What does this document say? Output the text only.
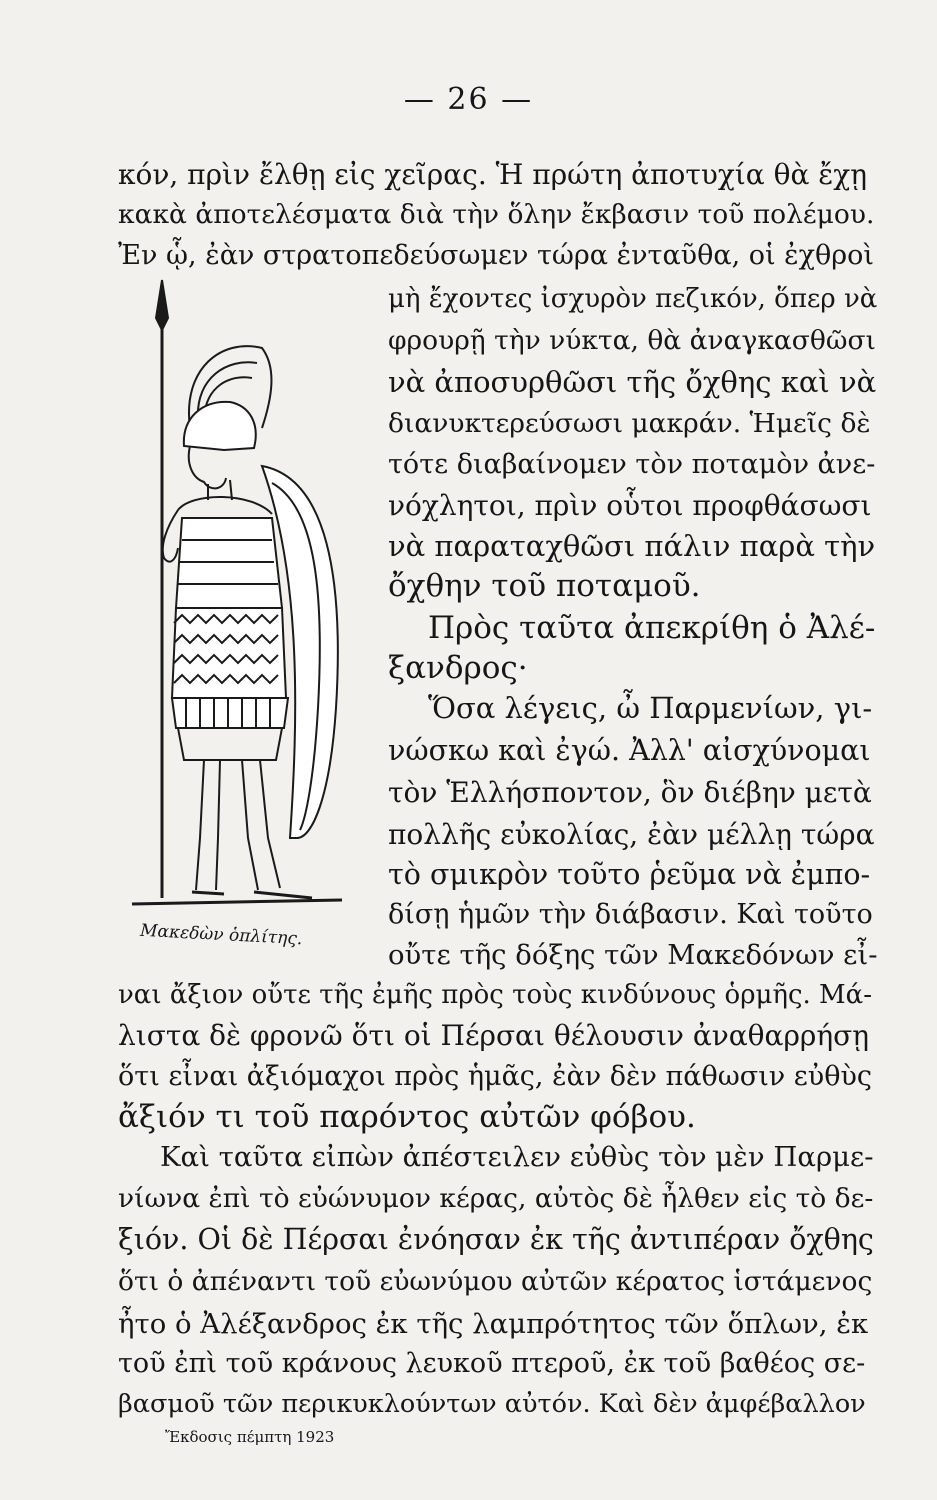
— 26 —
κόν, πρὶν ἔλθῃ εἰς χεῖρας. Ἡ πρώτη ἀποτυχία θὰ ἔχῃ
κακὰ ἀποτελέσματα διὰ τὴν ὅλην ἔκβασιν τοῦ πολέμου.
Ἐν ᾧ, ἐὰν στρατοπεδεύσωμεν τώρα ἐνταῦθα, οἱ ἐχθροὶ
μὴ ἔχοντες ἰσχυρὸν πεζικόν, ὅπερ νὰ
φρουρῇ τὴν νύκτα, θὰ ἀναγκασθῶσι
νὰ ἀποσυρθῶσι τῆς ὄχθης καὶ νὰ
διανυκτερεύσωσι μακράν. Ἡμεῖς δὲ
τότε διαβαίνομεν τὸν ποταμὸν ἀνε-
νόχλητοι, πρὶν οὗτοι προφθάσωσι
νὰ παραταχθῶσι πάλιν παρὰ τὴν
ὄχθην τοῦ ποταμοῦ.
Πρὸς ταῦτα ἀπεκρίθη ὁ Ἀλέ-
ξανδρος·
Ὅσα λέγεις, ὦ Παρμενίων, γι-
νώσκω καὶ ἐγώ. Ἀλλ' αἰσχύνομαι
τὸν Ἑλλήσποντον, ὃν διέβην μετὰ
πολλῆς εὐκολίας, ἐὰν μέλλῃ τώρα
τὸ σμικρὸν τοῦτο ῥεῦμα νὰ ἐμπο-
δίσῃ ἡμῶν τὴν διάβασιν. Καὶ τοῦτο
οὔτε τῆς δόξης τῶν Μακεδόνων εἶ-
ναι ἄξιον οὔτε τῆς ἐμῆς πρὸς τοὺς κινδύνους ὁρμῆς. Μά-
λιστα δὲ φρονῶ ὅτι οἱ Πέρσαι θέλουσιν ἀναθαρρήσῃ
ὅτι εἶναι ἀξιόμαχοι πρὸς ἡμᾶς, ἐὰν δὲν πάθωσιν εὐθὺς
ἄξιόν τι τοῦ παρόντος αὐτῶν φόβου.
Καὶ ταῦτα εἰπὼν ἀπέστειλεν εὐθὺς τὸν μὲν Παρμε-
νίωνα ἐπὶ τὸ εὐώνυμον κέρας, αὐτὸς δὲ ἦλθεν εἰς τὸ δε-
ξιόν. Οἱ δὲ Πέρσαι ἐνόησαν ἐκ τῆς ἀντιπέραν ὄχθης
ὅτι ὁ ἀπέναντι τοῦ εὐωνύμου αὐτῶν κέρατος ἱστάμενος
ἦτο ὁ Ἀλέξανδρος ἐκ τῆς λαμπρότητος τῶν ὅπλων, ἐκ
τοῦ ἐπὶ τοῦ κράνους λευκοῦ πτεροῦ, ἐκ τοῦ βαθέος σε-
βασμοῦ τῶν περικυκλούντων αὐτόν. Καὶ δὲν ἀμφέβαλλον
Μακεδὼν ὁπλίτης.
Ἔκδοσις πέμπτη 1923
